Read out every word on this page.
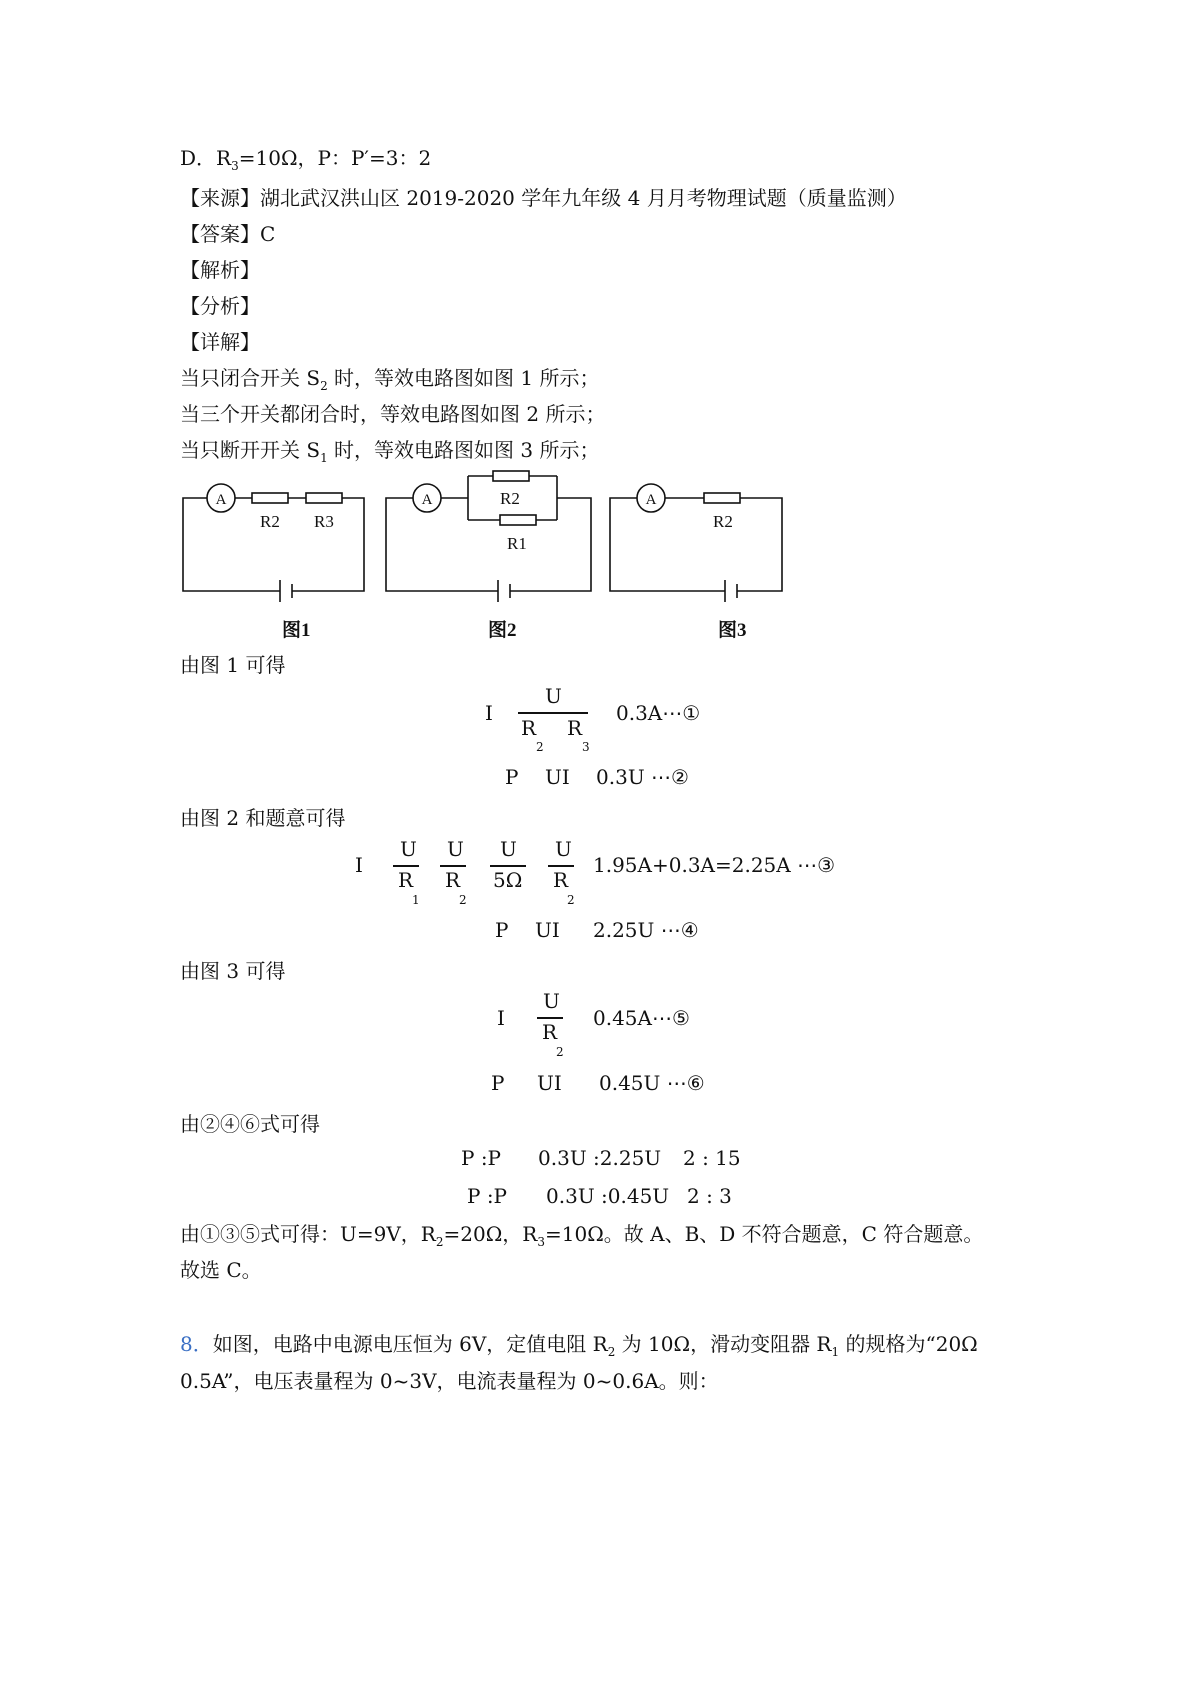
D．$R_3=10\Omega$，P：P′=3：2
【来源】湖北武汉洪山区 2019-2020 学年九年级 4 月月考物理试题（质量监测）
【答案】C
【解析】
【分析】
【详解】
当只闭合开关 $S_2$ 时，等效电路图如图 1 所示；
当三个开关都闭合时，等效电路图如图 2 所示；
当只断开开关 $S_1$ 时，等效电路图如图 3 所示；
A
R2 R3
A	R2
R1
A
R2
图1	图2	图3
由图 1 可得
I
U
R
2
R
3
0.3A⋯①
P UI 0.3U ⋯②
由图 2 和题意可得
I
U
R
1
U
R
2
U
5Ω
U
R
2
1.95A+0.3A=2.25A ⋯③
P UI 2.25U ⋯④
由图 3 可得
I
U
R
2
0.45A⋯⑤
P UI 0.45U ⋯⑥
由②④⑥式可得
P :P 0.3U :2.25U 2 : 15
P :P 0.3U :0.45U 2 : 3
由①③⑤式可得：U=9V，$R_2=20\Omega$，$R_3=10\Omega$。故 A、B、D 不符合题意，C 符合题意。
故选 C。
8．如图，电路中电源电压恒为 6V，定值电阻 $R_2$ 为 10Ω，滑动变阻器 $R_1$ 的规格为“20Ω
0.5A”，电压表量程为 0~3V，电流表量程为 0~0.6A。则：
